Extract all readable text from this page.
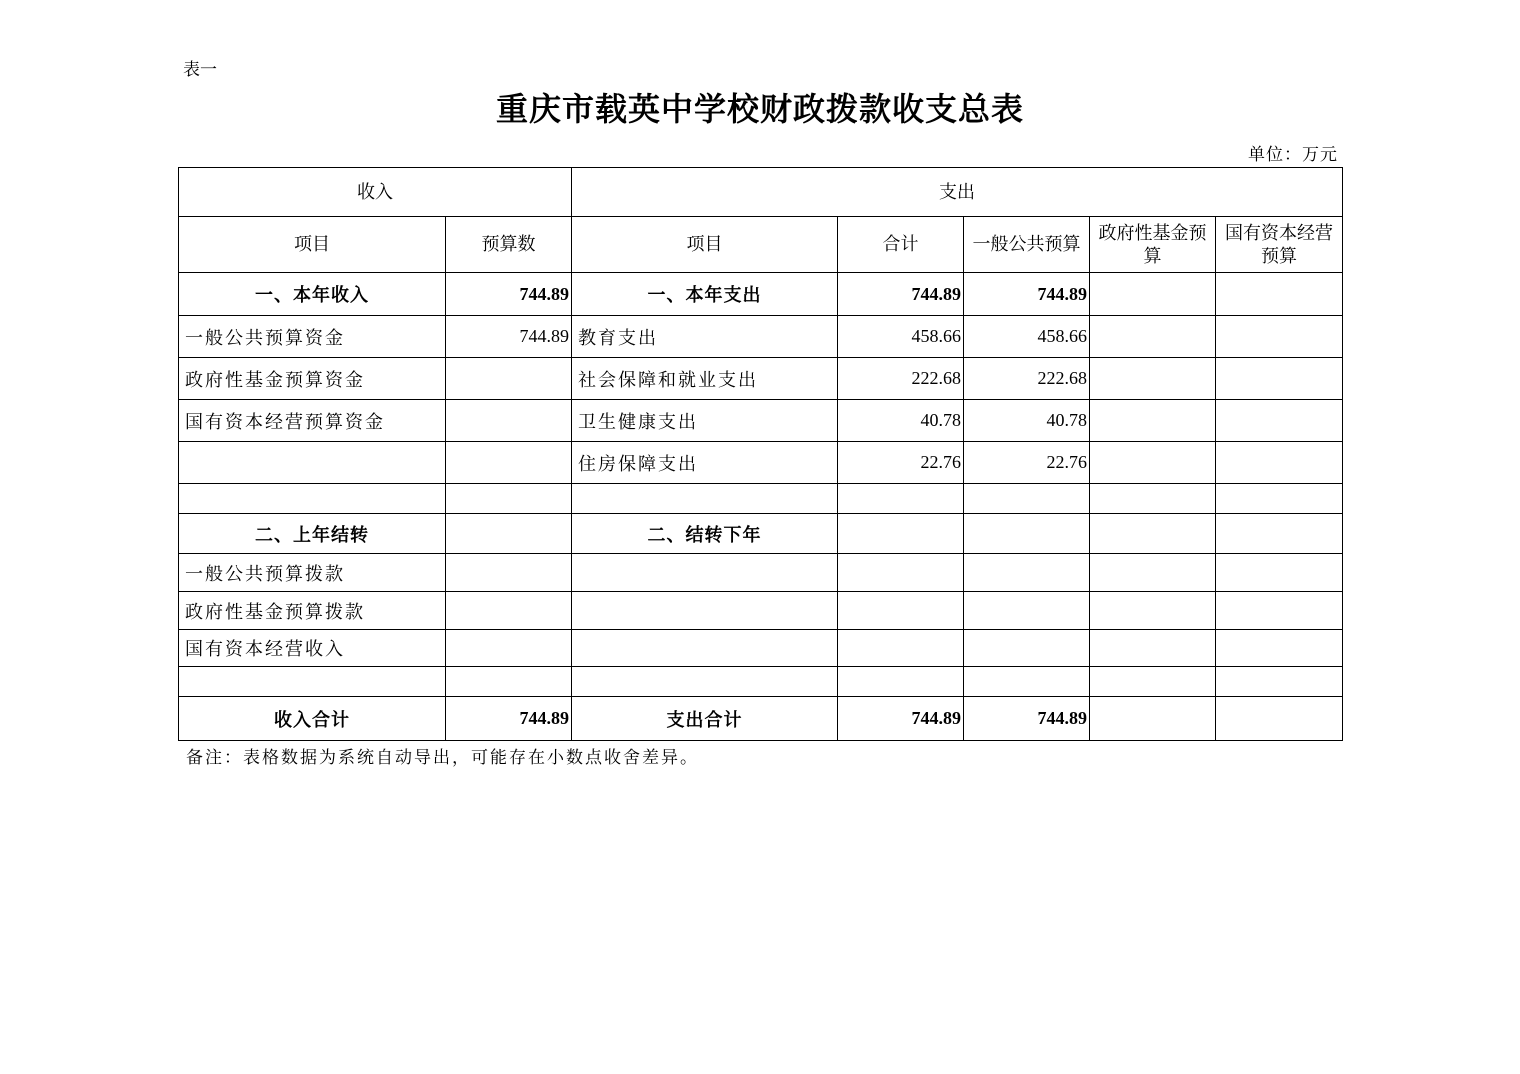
表一
重庆市载英中学校财政拨款收支总表
单位：万元
收入		支出				
项目	预算数	项目	合计	一般公共预算	政府性基金预算	国有资本经营预算
一、本年收入	744.89	一、本年支出	744.89	744.89		
一般公共预算资金	744.89	教育支出	458.66	458.66		
政府性基金预算资金		社会保障和就业支出	222.68	222.68		
国有资本经营预算资金		卫生健康支出	40.78	40.78		
		住房保障支出	22.76	22.76		

二、上年结转		二、结转下年				
一般公共预算拨款						
政府性基金预算拨款						
国有资本经营收入						

收入合计	744.89	支出合计	744.89	744.89		
备注：表格数据为系统自动导出，可能存在小数点收舍差异。
